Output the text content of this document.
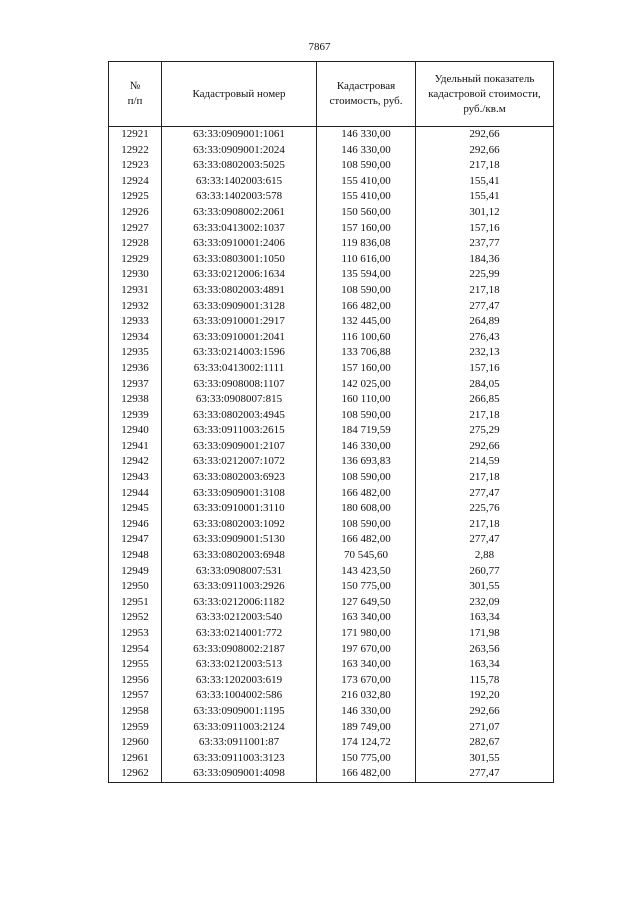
7867
№
п/п	Кадастровый номер	Кадастровая стоимость, руб.	Удельный показатель кадастровой стоимости, руб./кв.м
12921	63:33:0909001:1061	146 330,00	292,66
12922	63:33:0909001:2024	146 330,00	292,66
12923	63:33:0802003:5025	108 590,00	217,18
12924	63:33:1402003:615	155 410,00	155,41
12925	63:33:1402003:578	155 410,00	155,41
12926	63:33:0908002:2061	150 560,00	301,12
12927	63:33:0413002:1037	157 160,00	157,16
12928	63:33:0910001:2406	119 836,08	237,77
12929	63:33:0803001:1050	110 616,00	184,36
12930	63:33:0212006:1634	135 594,00	225,99
12931	63:33:0802003:4891	108 590,00	217,18
12932	63:33:0909001:3128	166 482,00	277,47
12933	63:33:0910001:2917	132 445,00	264,89
12934	63:33:0910001:2041	116 100,60	276,43
12935	63:33:0214003:1596	133 706,88	232,13
12936	63:33:0413002:1111	157 160,00	157,16
12937	63:33:0908008:1107	142 025,00	284,05
12938	63:33:0908007:815	160 110,00	266,85
12939	63:33:0802003:4945	108 590,00	217,18
12940	63:33:0911003:2615	184 719,59	275,29
12941	63:33:0909001:2107	146 330,00	292,66
12942	63:33:0212007:1072	136 693,83	214,59
12943	63:33:0802003:6923	108 590,00	217,18
12944	63:33:0909001:3108	166 482,00	277,47
12945	63:33:0910001:3110	180 608,00	225,76
12946	63:33:0802003:1092	108 590,00	217,18
12947	63:33:0909001:5130	166 482,00	277,47
12948	63:33:0802003:6948	70 545,60	2,88
12949	63:33:0908007:531	143 423,50	260,77
12950	63:33:0911003:2926	150 775,00	301,55
12951	63:33:0212006:1182	127 649,50	232,09
12952	63:33:0212003:540	163 340,00	163,34
12953	63:33:0214001:772	171 980,00	171,98
12954	63:33:0908002:2187	197 670,00	263,56
12955	63:33:0212003:513	163 340,00	163,34
12956	63:33:1202003:619	173 670,00	115,78
12957	63:33:1004002:586	216 032,80	192,20
12958	63:33:0909001:1195	146 330,00	292,66
12959	63:33:0911003:2124	189 749,00	271,07
12960	63:33:0911001:87	174 124,72	282,67
12961	63:33:0911003:3123	150 775,00	301,55
12962	63:33:0909001:4098	166 482,00	277,47
